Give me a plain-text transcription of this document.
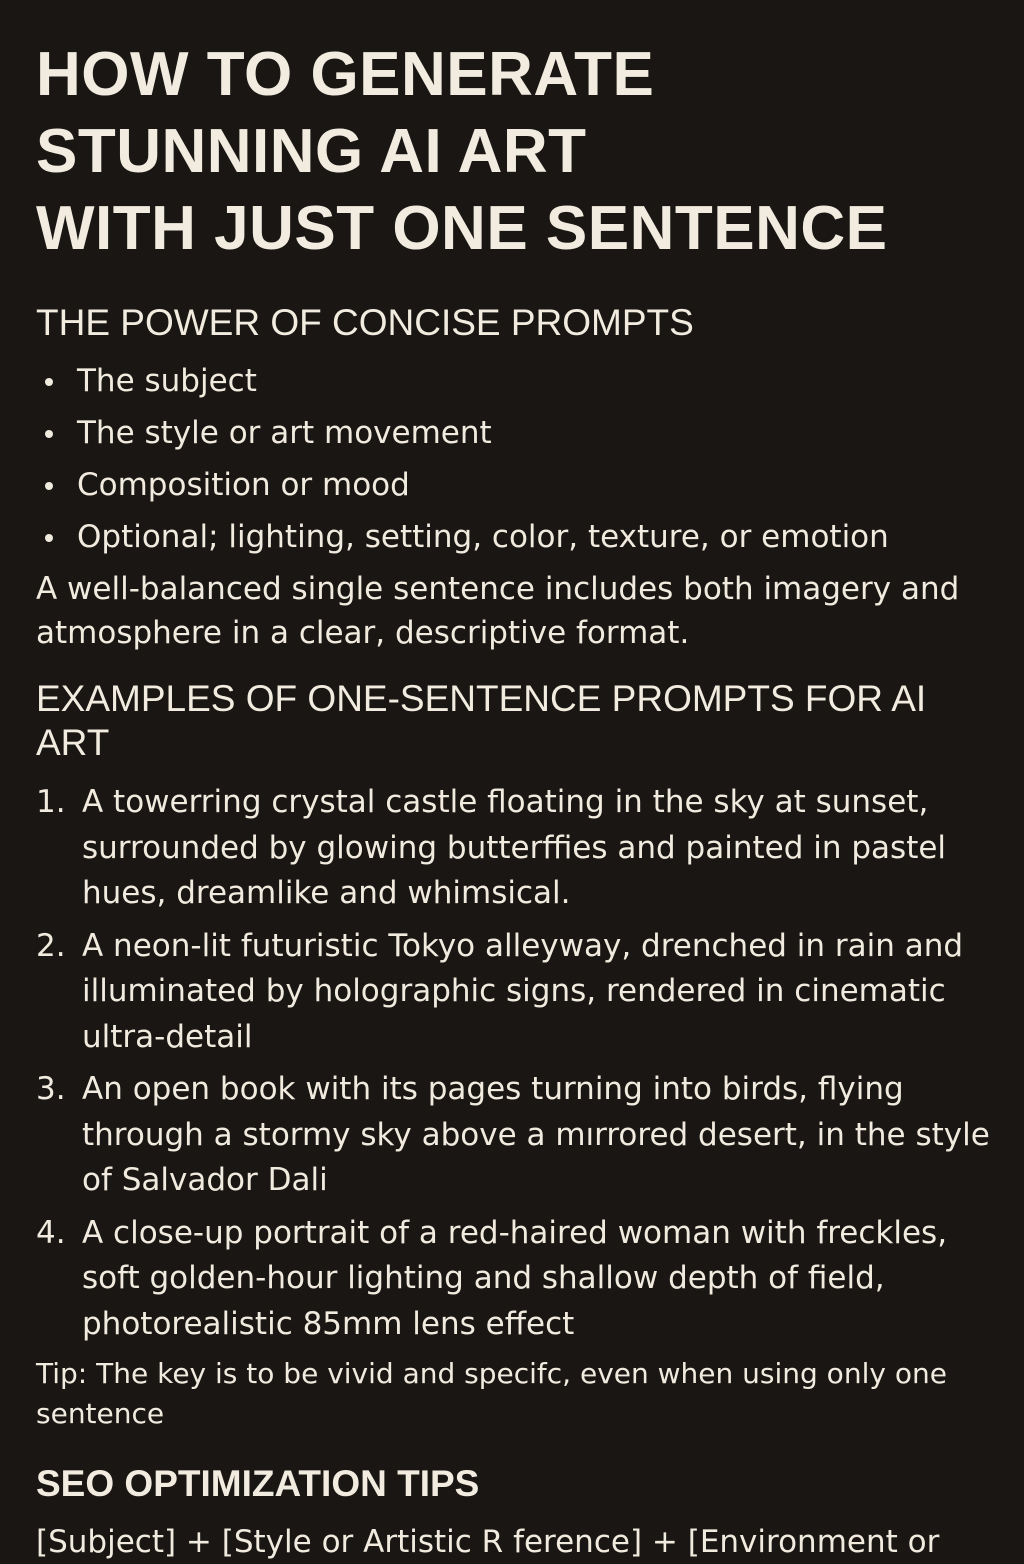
HOW TO GENERATE
STUNNING AI ART
WITH JUST ONE SENTENCE
THE POWER OF CONCISE PROMPTS
The subject
The style or art movement
Composition or mood
Optional; lighting, setting, color, texture, or emotion

A well-balanced single sentence includes both imagery and atmosphere in a clear, descriptive format.

EXAMPLES OF ONE-SENTENCE PROMPTS FOR AI ART
1. A towerring crystal castle floating in the sky at sunset, surrounded by glowing butterffies and painted in pastel hues, dreamlike and whimsical.
2. A neon-lit futuristic Tokyo alleyway, drenched in rain and illuminated by holographic signs, rendered in cinematic ultra-detail
3. An open book with its pages turning into birds, flying through a stormy sky above a mırrored desert, in the style of Salvador Dali
4. A close-up portrait of a red-haired woman with freckles, soft golden-hour lighting and shallow depth of field, photorealistic 85mm lens effect

Tip: The key is to be vivid and specifc, even when using only one sentence

SEO OPTIMIZATION TIPS

[Subject] + [Style or Artistic R ference] + [Environment or
